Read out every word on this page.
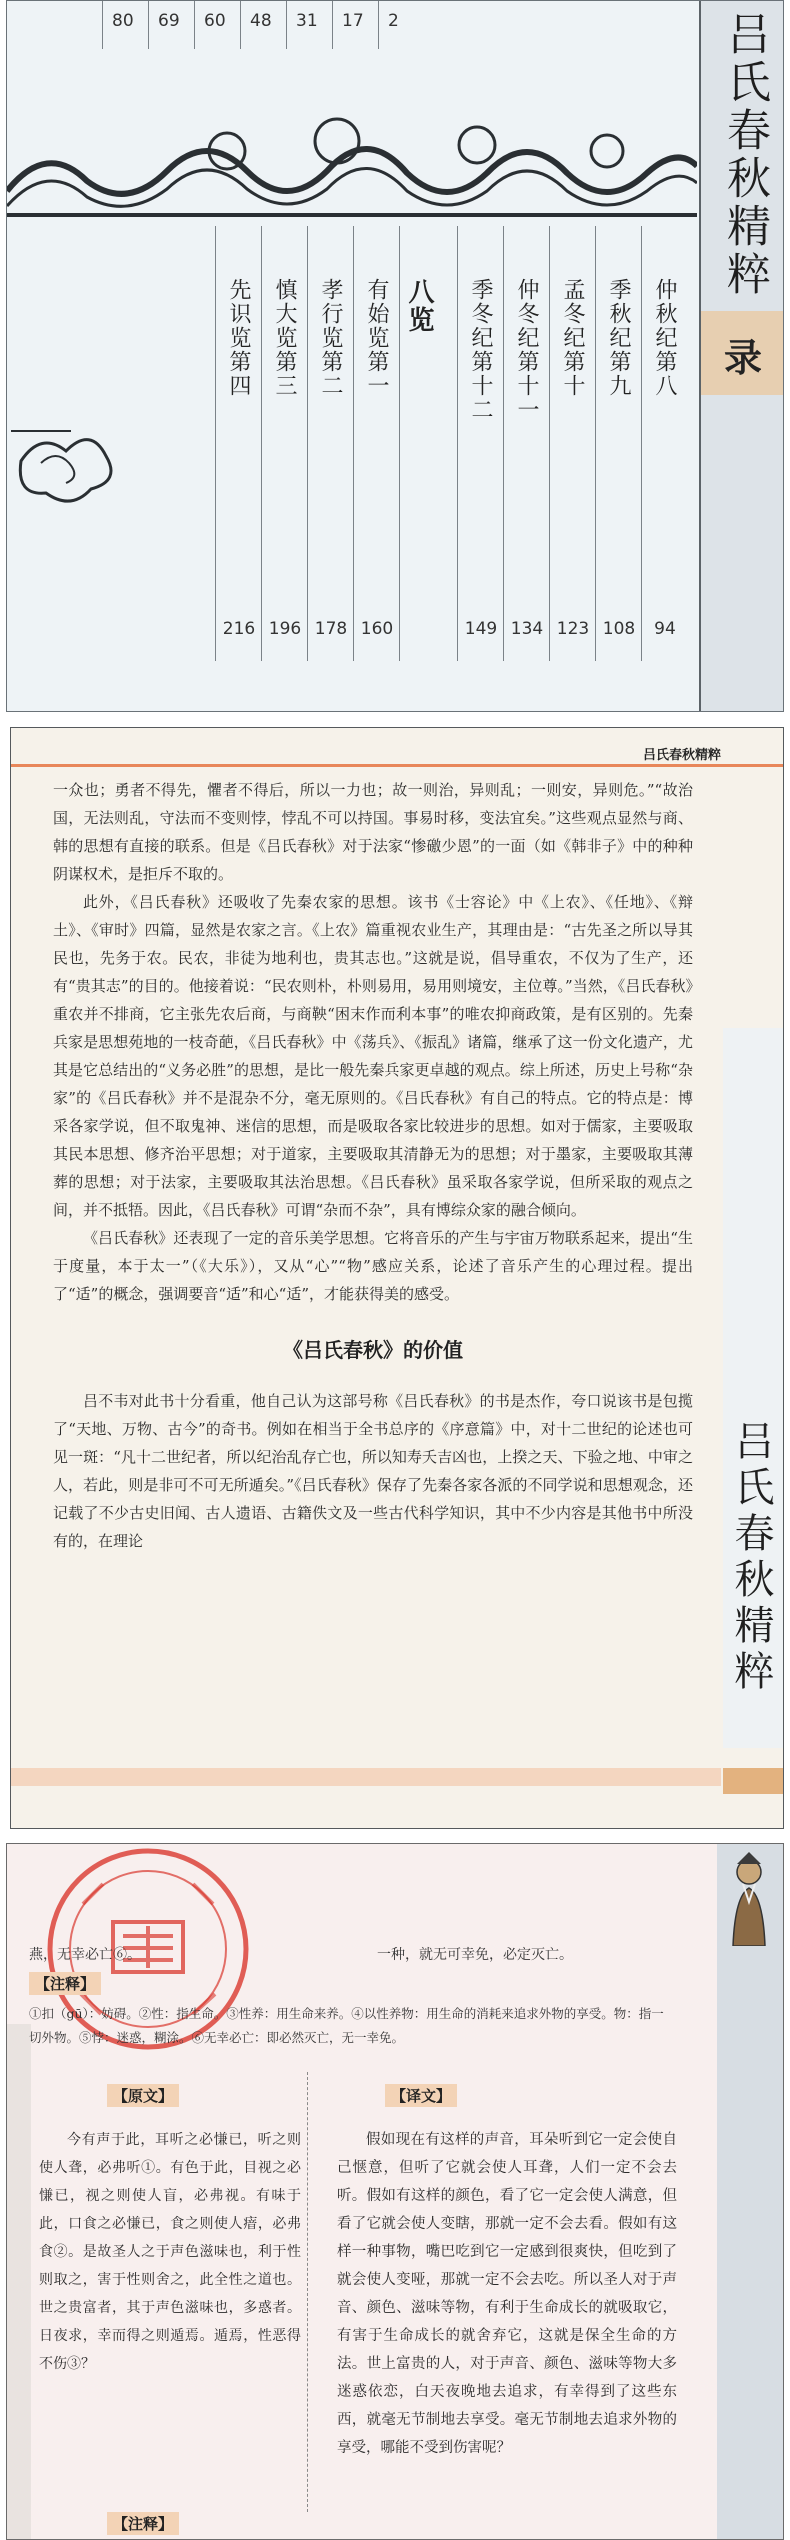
80 69 60 48 31 17 2
仲秋纪第八
94
季秋纪第九
108
孟冬纪第十
123
仲冬纪第十一
134
季冬纪第十二
149
八览
有始览第一
160
孝行览第二
178
慎大览第三
196
先识览第四
216
吕氏春秋精粹
录
吕氏春秋精粹
吕氏春秋精粹

一众也；勇者不得先，懼者不得后，所以一力也；故一则治，异则乱；一则安，异则危。”“故治国，无法则乱，守法而不变则悖，悖乱不可以持国。事易时移，变法宜矣。”这些观点显然与商、韩的思想有直接的联系。但是《吕氏春秋》对于法家“惨礉少恩”的一面（如《韩非子》中的种种阴谋权术，是拒斥不取的。

此外，《吕氏春秋》还吸收了先秦农家的思想。该书《士容论》中《上农》、《任地》、《辩土》、《审时》四篇，显然是农家之言。《上农》篇重视农业生产，其理由是：“古先圣之所以导其民也，先务于农。民农，非徒为地利也，贵其志也。”这就是说，倡导重农，不仅为了生产，还有“贵其志”的目的。他接着说：“民农则朴，朴则易用，易用则境安，主位尊。”当然，《吕氏春秋》重农并不排商，它主张先农后商，与商鞅“困末作而利本事”的唯农抑商政策，是有区别的。先秦兵家是思想苑地的一枝奇葩，《吕氏春秋》中《荡兵》、《振乱》诸篇，继承了这一份文化遗产，尤其是它总结出的“义务必胜”的思想，是比一般先秦兵家更卓越的观点。综上所述，历史上号称“杂家”的《吕氏春秋》并不是混杂不分，毫无原则的。《吕氏春秋》有自己的特点。它的特点是：博采各家学说，但不取鬼神、迷信的思想，而是吸取各家比较进步的思想。如对于儒家，主要吸取其民本思想、修齐治平思想；对于道家，主要吸取其清静无为的思想；对于墨家，主要吸取其薄葬的思想；对于法家，主要吸取其法治思想。《吕氏春秋》虽采取各家学说，但所采取的观点之间，并不抵牾。因此，《吕氏春秋》可谓“杂而不杂”，具有博综众家的融合倾向。

《吕氏春秋》还表现了一定的音乐美学思想。它将音乐的产生与宇宙万物联系起来，提出“生于度量，本于太一”（《大乐》），又从“心”“物”感应关系，论述了音乐产生的心理过程。提出了“适”的概念，强调要音“适”和心“适”，才能获得美的感受。

《吕氏春秋》的价值

吕不韦对此书十分看重，他自己认为这部号称《吕氏春秋》的书是杰作，夸口说该书是包揽了“天地、万物、古今”的奇书。例如在相当于全书总序的《序意篇》中，对十二世纪的论述也可见一斑：“凡十二世纪者，所以纪治乱存亡也，所以知寿夭吉凶也，上揆之天、下验之地、中审之人，若此，则是非可不可无所遁矣。”《吕氏春秋》保存了先秦各家各派的不同学说和思想观念，还记载了不少古史旧闻、古人遗语、古籍佚文及一些古代科学知识，其中不少内容是其他书中所没有的，在理论

燕，无幸必亡⑥。	一种，就无可幸免，必定灭亡。
【注释】
①扣（gū）：妨碍。②性：指生命。③性养：用生命来养。④以性养物：用生命的消耗来追求外物的享受。物：指一切外物。⑤悖：迷惑，糊涂。⑥无幸必亡：即必然灭亡，无一幸免。
【原文】	【译文】
今有声于此，耳听之必慊已，听之则使人聋，必弗听①。有色于此，目视之必慊已，视之则使人盲，必弗视。有味于此，口食之必慊已，食之则使人瘖，必弗食②。是故圣人之于声色滋味也，利于性则取之，害于性则舍之，此全性之道也。世之贵富者，其于声色滋味也，多惑者。日夜求，幸而得之则遁焉。遁焉，性恶得不伤③？
假如现在有这样的声音，耳朵听到它一定会使自己惬意，但听了它就会使人耳聋，人们一定不会去听。假如有这样的颜色，看了它一定会使人满意，但看了它就会使人变瞎，那就一定不会去看。假如有这样一种事物，嘴巴吃到它一定感到很爽快，但吃到了就会使人变哑，那就一定不会去吃。所以圣人对于声音、颜色、滋味等物，有利于生命成长的就吸取它，有害于生命成长的就舍弃它，这就是保全生命的方法。世上富贵的人，对于声音、颜色、滋味等物大多迷惑依恋，白天夜晚地去追求，有幸得到了这些东西，就毫无节制地去享受。毫无节制地去追求外物的享受，哪能不受到伤害呢？
【注释】
